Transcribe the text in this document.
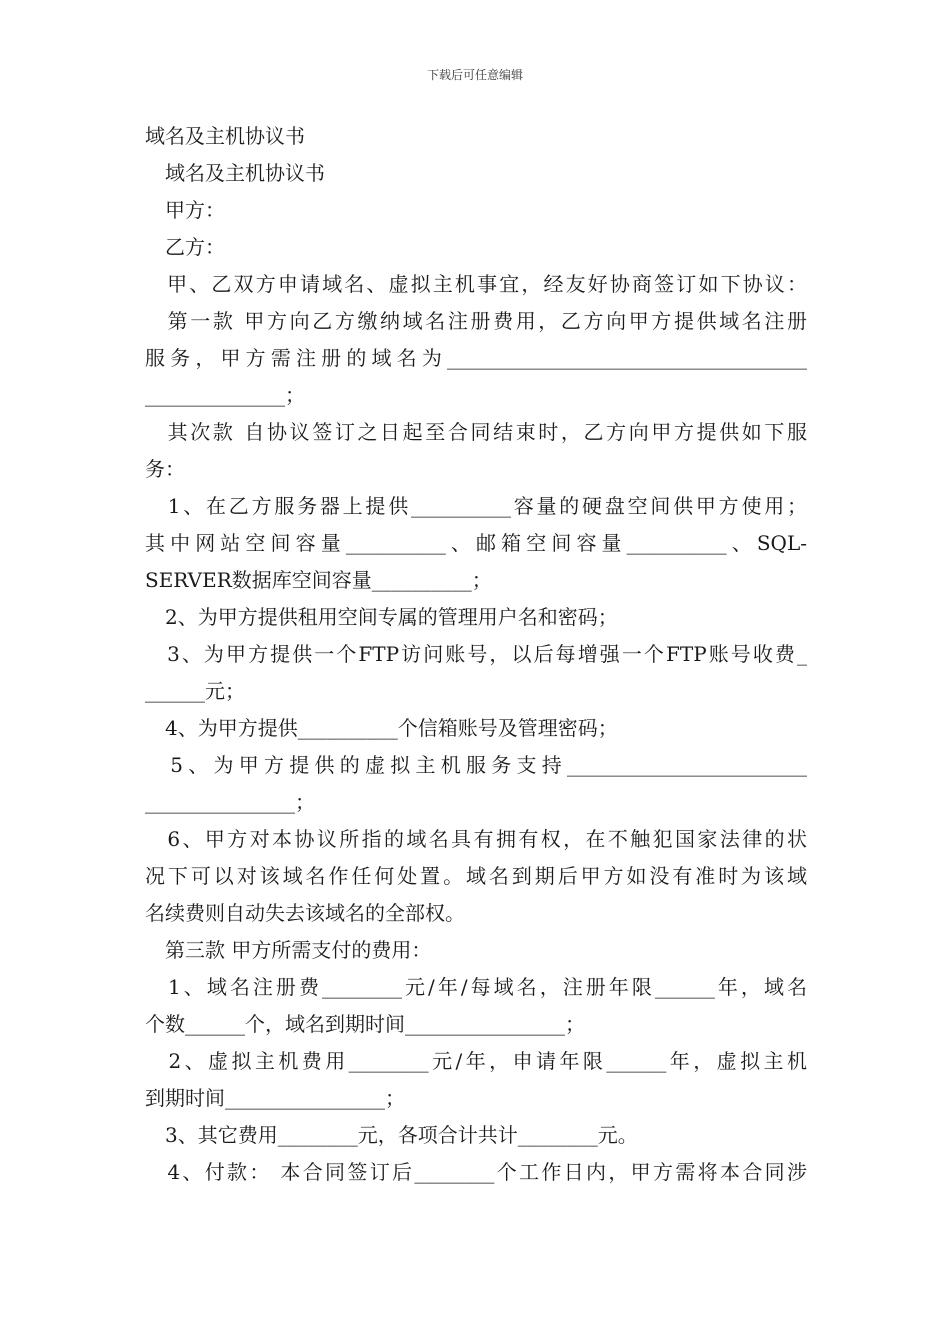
下载后可任意编辑
域名及主机协议书
　域名及主机协议书
　甲方：
　乙方：
　甲、乙双方申请域名、虚拟主机事宜，经友好协商签订如下协议：
　第一款 甲方向乙方缴纳域名注册费用，乙方向甲方提供域名注册
服务，甲方需注册的域名为____________________________________
______________；
　其次款 自协议签订之日起至合同结束时，乙方向甲方提供如下服
务：
　1、在乙方服务器上提供__________容量的硬盘空间供甲方使用；
其中网站空间容量__________、邮箱空间容量__________、SQL-
SERVER数据库空间容量__________；
　2、为甲方提供租用空间专属的管理用户名和密码；
　3、为甲方提供一个FTP访问账号，以后每增强一个FTP账号收费_
______元；
　4、为甲方提供__________个信箱账号及管理密码；
　5、为甲方提供的虚拟主机服务支持________________________
_______________；
　6、甲方对本协议所指的域名具有拥有权，在不触犯国家法律的状
况下可以对该域名作任何处置。域名到期后甲方如没有准时为该域
名续费则自动失去该域名的全部权。
　第三款 甲方所需支付的费用：
　1、域名注册费________元/年/每域名，注册年限______年，域名
个数______个，域名到期时间________________；
　2、虚拟主机费用________元/年，申请年限______年，虚拟主机
到期时间________________；
　3、其它费用________元，各项合计共计________元。
　4、付款： 本合同签订后________个工作日内，甲方需将本合同涉
